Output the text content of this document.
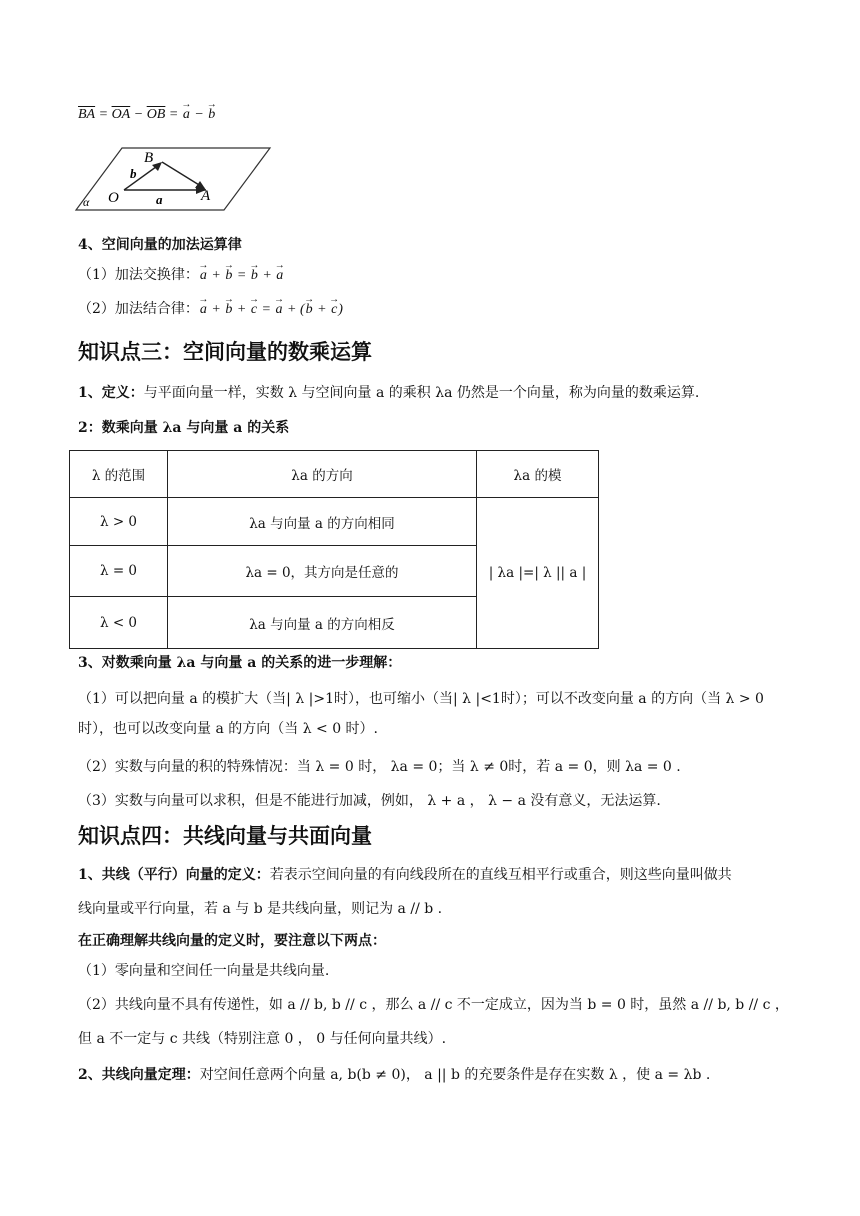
$\overline{BA} = \overline{OA} - \overline{OB}$ = → a − → b
B
b
O	a	A
α
4、空间向量的加法运算律
（1）加法交换律：→ a + → b = → b + → a
（2）加法结合律：→ a + → b + → c = → a + (→ b + → c)
知识点三：空间向量的数乘运算
1、定义：与平面向量一样，实数 λ 与空间向量 a 的乘积 λa 仍然是一个向量，称为向量的数乘运算.
2：数乘向量 λa 与向量 a 的关系
λ 的范围	λa 的方向	λa 的模
λ > 0	λa 与向量 a 的方向相同	| λa |=| λ || a |
λ = 0	λa = 0，其方向是任意的	
λ < 0	λa 与向量 a 的方向相反	
3、对数乘向量 λa 与向量 a 的关系的进一步理解：
（1）可以把向量 a 的模扩大（当| λ |>1时），也可缩小（当| λ |<1时）；可以不改变向量 a 的方向（当 λ > 0
时），也可以改变向量 a 的方向（当 λ < 0 时）.
（2）实数与向量的积的特殊情况：当 λ = 0 时， λa = 0；当 λ ≠ 0时，若 a = 0，则 λa = 0 .
（3）实数与向量可以求积，但是不能进行加减，例如， λ + a ， λ − a 没有意义，无法运算.
知识点四：共线向量与共面向量
1、共线（平行）向量的定义：若表示空间向量的有向线段所在的直线互相平行或重合，则这些向量叫做共
线向量或平行向量，若 a 与 b 是共线向量，则记为 a // b .
在正确理解共线向量的定义时，要注意以下两点：
（1）零向量和空间任一向量是共线向量.
（2）共线向量不具有传递性，如 a // b, b // c ，那么 a // c 不一定成立，因为当 b = 0 时，虽然 a // b, b // c ，
但 a 不一定与 c 共线（特别注意 0 ， 0 与任何向量共线）.
2、共线向量定理：对空间任意两个向量 a, b(b ≠ 0)， a || b 的充要条件是存在实数 λ ，使 a = λb .
